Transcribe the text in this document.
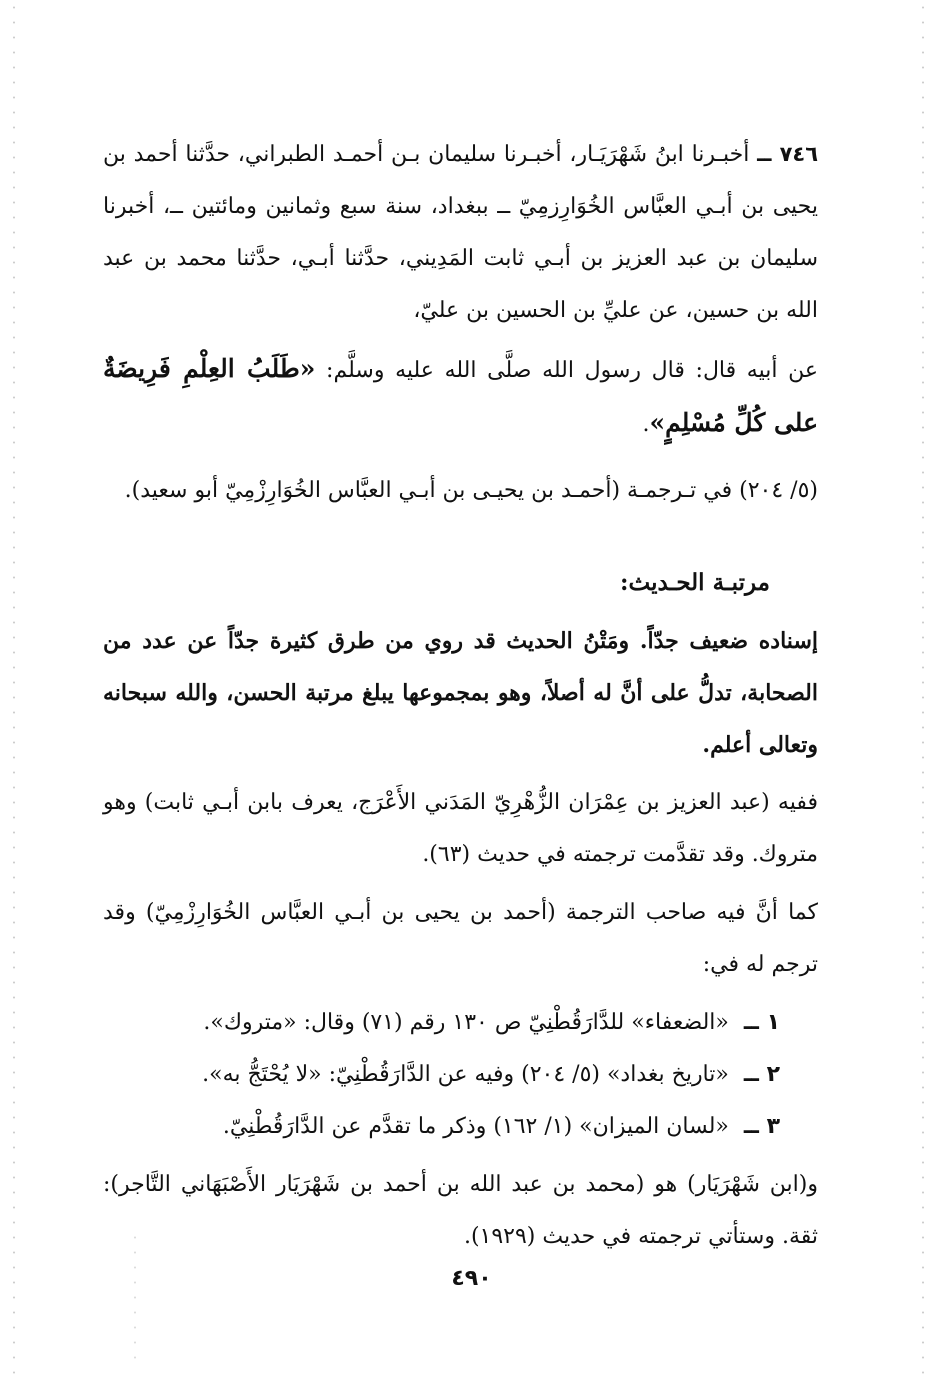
٧٤٦ ــ أخبـرنا ابنُ شَهْرَيَـار، أخبـرنا سليمان بـن أحمـد الطبراني، حدَّثنا أحمد بن يحيى بن أبـي العبَّاس الخُوَارِزمِيّ ــ ببغداد، سنة سبع وثمانين ومائتين ــ، أخبرنا سليمان بن عبد العزيز بن أبـي ثابت المَدِيني، حدَّثنا أبـي، حدَّثنا محمد بن عبد الله بن حسين، عن عليِّ بن الحسين بن عليّ،

عن أبيه قال: قال رسول الله صلَّى الله عليه وسلَّم: «طَلَبُ العِلْمِ فَرِيضَةٌ على كُلِّ مُسْلِمٍ».

(٥/ ٢٠٤) في تـرجمـة (أحمـد بن يحيـى بن أبـي العبَّاس الخُوَارِزْمِيّ أبو سعيد).

مرتبـة الحـديث:

إسناده ضعيف جدّاً. ومَتْنُ الحديث قد روي من طرق كثيرة جدّاً عن عدد من الصحابة، تدلُّ على أنَّ له أصلاً، وهو بمجموعها يبلغ مرتبة الحسن، والله سبحانه وتعالى أعلم.

ففيه (عبد العزيز بن عِمْرَان الزُّهْرِيّ المَدَني الأَعْرَج، يعرف بابن أبـي ثابت) وهو متروك. وقد تقدَّمت ترجمته في حديث (٦٣).

كما أنَّ فيه صاحب الترجمة (أحمد بن يحيى بن أبـي العبَّاس الخُوَارِزْمِيّ) وقد ترجم له في:

١ ــ «الضعفاء» للدَّارَقُطْنِيّ ص ١٣٠ رقم (٧١) وقال: «متروك».

٢ ــ «تاريخ بغداد» (٥/ ٢٠٤) وفيه عن الدَّارَقُطْنِيّ: «لا يُحْتَجُّ به».

٣ ــ «لسان الميزان» (١/ ١٦٢) وذكر ما تقدَّم عن الدَّارَقُطْنِيّ.

و(ابن شَهْرَيَار) هو (محمد بن عبد الله بن أحمد بن شَهْرَيَار الأَصْبَهَاني التَّاجر): ثقة. وستأتي ترجمته في حديث (١٩٢٩).

٤٩٠
